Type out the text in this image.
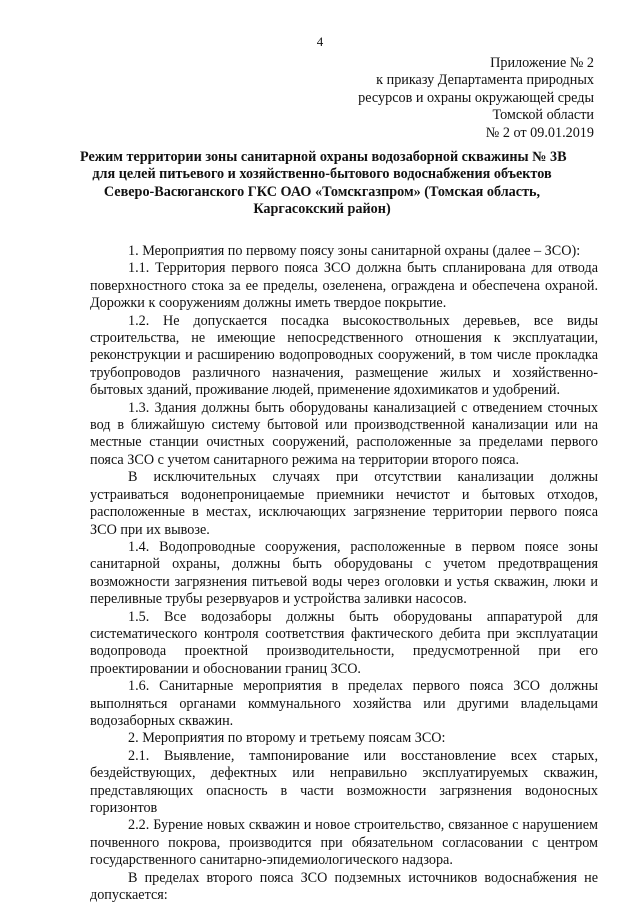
4
Приложение № 2
к приказу Департамента природных
ресурсов и охраны окружающей среды
Томской области
№ 2 от 09.01.2019
Режим территории зоны санитарной охраны водозаборной скважины № 3В
для целей питьевого и хозяйственно-бытового водоснабжения объектов
Северо-Васюганского ГКС ОАО «Томскгазпром» (Томская область,
Каргасокский район)

1. Мероприятия по первому поясу зоны санитарной охраны (далее – ЗСО):

1.1. Территория первого пояса ЗСО должна быть спланирована для отвода поверхностного стока за ее пределы, озеленена, ограждена и обеспечена охраной. Дорожки к сооружениям должны иметь твердое покрытие.

1.2. Не допускается посадка высокоствольных деревьев, все виды строительства, не имеющие непосредственного отношения к эксплуатации, реконструкции и расширению водопроводных сооружений, в том числе прокладка трубопроводов различного назначения, размещение жилых и хозяйственно-бытовых зданий, проживание людей, применение ядохимикатов и удобрений.

1.3. Здания должны быть оборудованы канализацией с отведением сточных вод в ближайшую систему бытовой или производственной канализации или на местные станции очистных сооружений, расположенные за пределами первого пояса ЗСО с учетом санитарного режима на территории второго пояса.

В исключительных случаях при отсутствии канализации должны устраиваться водонепроницаемые приемники нечистот и бытовых отходов, расположенные в местах, исключающих загрязнение территории первого пояса ЗСО при их вывозе.

1.4. Водопроводные сооружения, расположенные в первом поясе зоны санитарной охраны, должны быть оборудованы с учетом предотвращения возможности загрязнения питьевой воды через оголовки и устья скважин, люки и переливные трубы резервуаров и устройства заливки насосов.

1.5. Все водозаборы должны быть оборудованы аппаратурой для систематического контроля соответствия фактического дебита при эксплуатации водопровода проектной производительности, предусмотренной при его проектировании и обосновании границ ЗСО.

1.6. Санитарные мероприятия в пределах первого пояса ЗСО должны выполняться органами коммунального хозяйства или другими владельцами водозаборных скважин.

2. Мероприятия по второму и третьему поясам ЗСО:

2.1. Выявление, тампонирование или восстановление всех старых, бездействующих, дефектных или неправильно эксплуатируемых скважин, представляющих опасность в части возможности загрязнения водоносных горизонтов

2.2. Бурение новых скважин и новое строительство, связанное с нарушением почвенного покрова, производится при обязательном согласовании с центром государственного санитарно-эпидемиологического надзора.

В пределах второго пояса ЗСО подземных источников водоснабжения не допускается:
